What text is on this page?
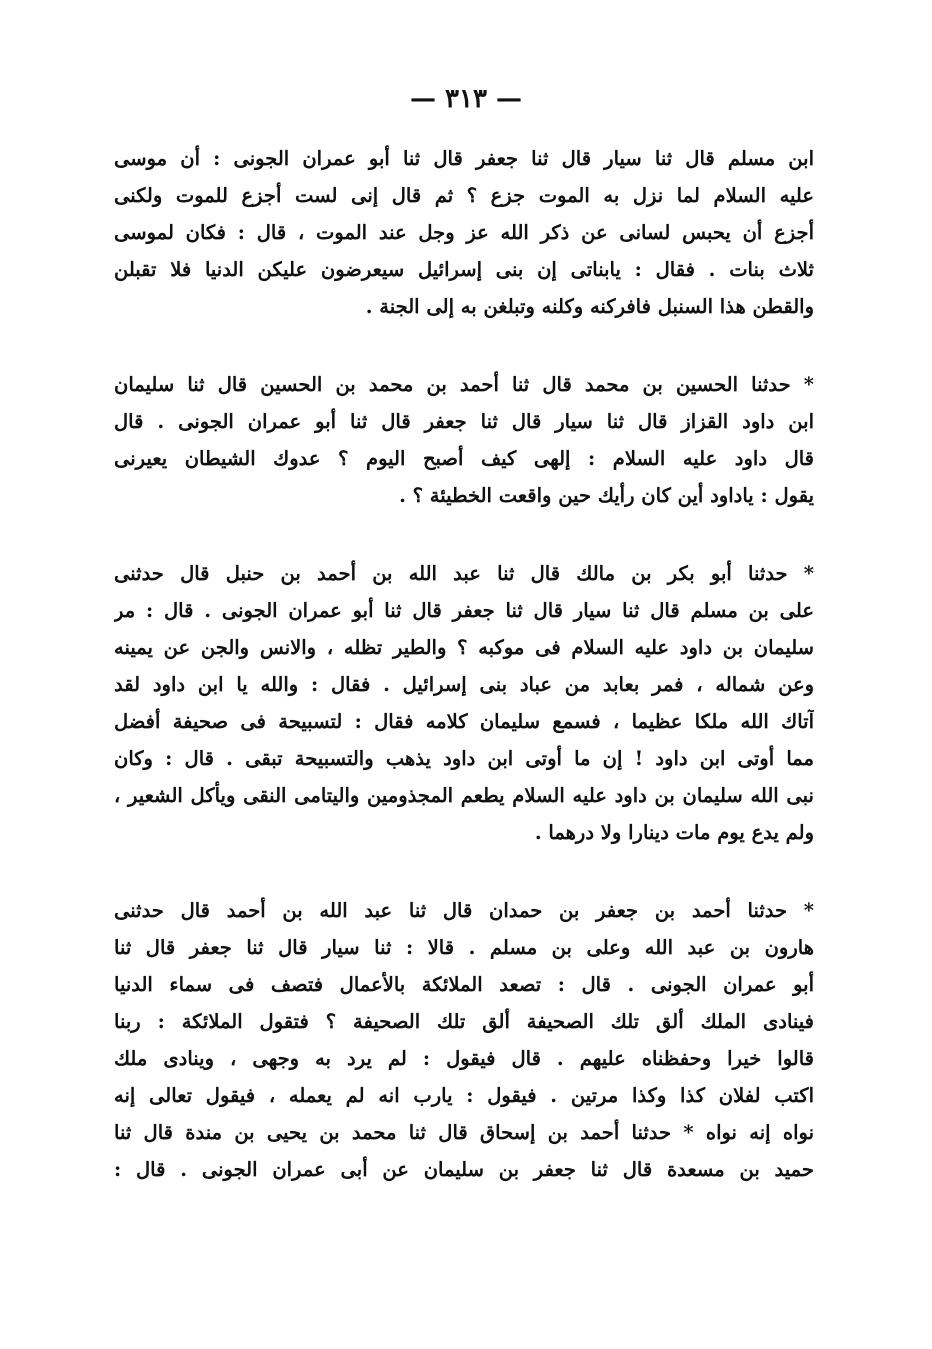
— ٣١٣ —
ابن مسلم قال ثنا سيار قال ثنا جعفر قال ثنا أبو عمران الجونى : أن موسى
عليه السلام لما نزل به الموت جزع ؟ ثم قال إنى لست أجزع للموت ولكنى
أجزع أن يحبس لسانى عن ذكر الله عز وجل عند الموت ، قال : فكان لموسى
ثلاث بنات . فقال : يابناتى إن بنى إسرائيل سيعرضون عليكن الدنيا فلا تقبلن
والقطن هذا السنبل فافركنه وكلنه وتبلغن به إلى الجنة .
* حدثنا الحسين بن محمد قال ثنا أحمد بن محمد بن الحسين قال ثنا سليمان
ابن داود القزاز قال ثنا سيار قال ثنا جعفر قال ثنا أبو عمران الجونى . قال
قال داود عليه السلام : إلهى كيف أصبح اليوم ؟ عدوك الشيطان يعيرنى
يقول : ياداود أين كان رأيك حين واقعت الخطيئة ؟ .
* حدثنا أبو بكر بن مالك قال ثنا عبد الله بن أحمد بن حنبل قال حدثنى
على بن مسلم قال ثنا سيار قال ثنا جعفر قال ثنا أبو عمران الجونى . قال : مر
سليمان بن داود عليه السلام فى موكبه ؟ والطير تظله ، والانس والجن عن يمينه
وعن شماله ، فمر بعابد من عباد بنى إسرائيل . فقال : والله يا ابن داود لقد
آتاك الله ملكا عظيما ، فسمع سليمان كلامه فقال : لتسبيحة فى صحيفة أفضل
مما أوتى ابن داود ! إن ما أوتى ابن داود يذهب والتسبيحة تبقى . قال : وكان
نبى الله سليمان بن داود عليه السلام يطعم المجذومين واليتامى النقى ويأكل الشعير ،
ولم يدع يوم مات دينارا ولا درهما .
* حدثنا أحمد بن جعفر بن حمدان قال ثنا عبد الله بن أحمد قال حدثنى
هارون بن عبد الله وعلى بن مسلم . قالا : ثنا سيار قال ثنا جعفر قال ثنا
أبو عمران الجونى . قال : تصعد الملائكة بالأعمال فتصف فى سماء الدنيا
فينادى الملك ألق تلك الصحيفة ألق تلك الصحيفة ؟ فتقول الملائكة : ربنا
قالوا خيرا وحفظناه عليهم . قال فيقول : لم يرد به وجهى ، وينادى ملك
اكتب لفلان كذا وكذا مرتين . فيقول : يارب انه لم يعمله ، فيقول تعالى إنه
نواه إنه نواه * حدثنا أحمد بن إسحاق قال ثنا محمد بن يحيى بن مندة قال ثنا
حميد بن مسعدة قال ثنا جعفر بن سليمان عن أبى عمران الجونى . قال :
